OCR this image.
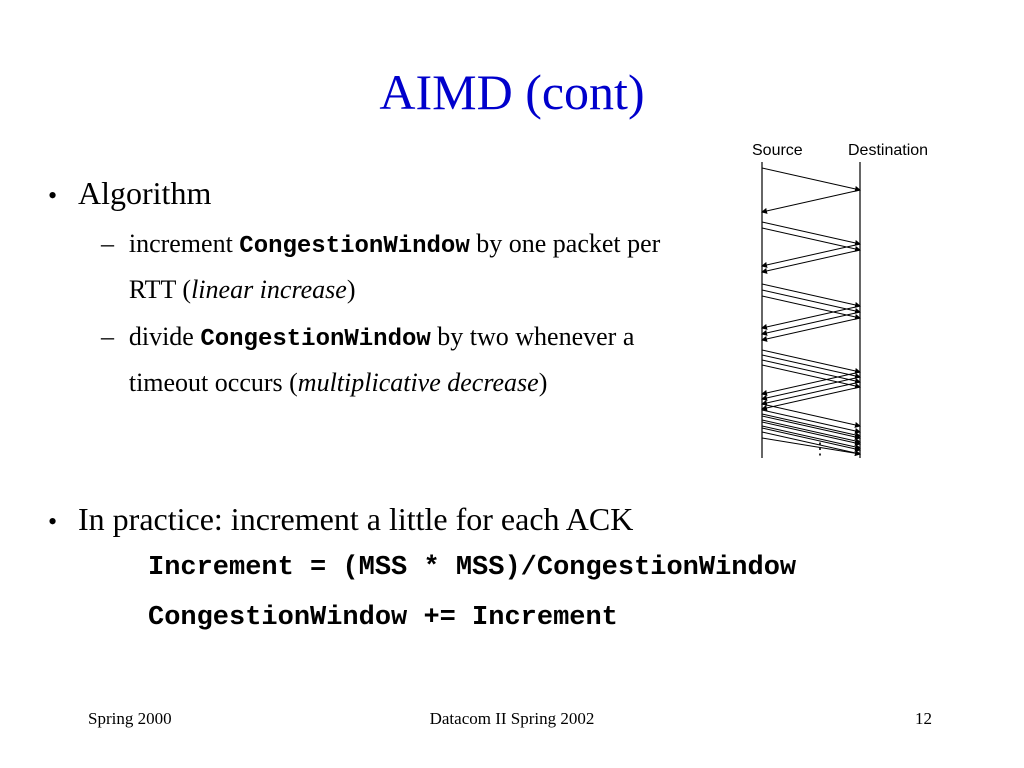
AIMD (cont)
• Algorithm
– increment CongestionWindow by one packet per RTT (linear increase)
– divide CongestionWindow by two whenever a timeout occurs (multiplicative decrease)
• In practice: increment a little for each ACK
Increment = (MSS * MSS)/CongestionWindow
CongestionWindow += Increment
Source	Destination
⋮
Spring 2000	Datacom II Spring 2002	12
